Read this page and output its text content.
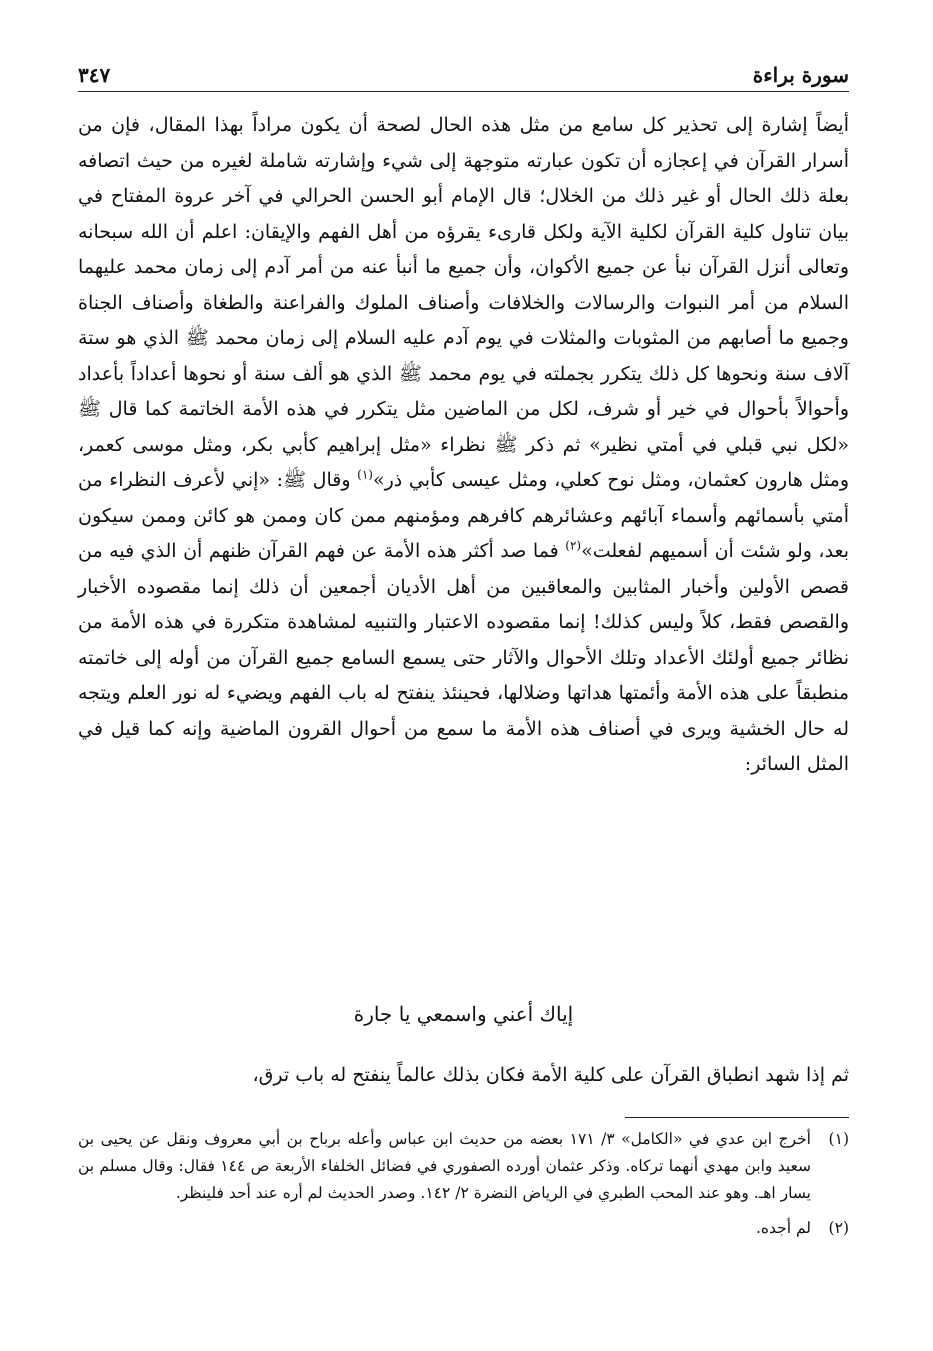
سورة براءة
٣٤٧

أيضاً إشارة إلى تحذير كل سامع من مثل هذه الحال لصحة أن يكون مراداً بهذا المقال، فإن من أسرار القرآن في إعجازه أن تكون عبارته متوجهة إلى شيء وإشارته شاملة لغيره من حيث اتصافه بعلة ذلك الحال أو غير ذلك من الخلال؛ قال الإمام أبو الحسن الحرالي في آخر عروة المفتاح في بيان تناول كلية القرآن لكلية الآية ولكل قارىء يقرؤه من أهل الفهم والإيقان: اعلم أن الله سبحانه وتعالى أنزل القرآن نبأ عن جميع الأكوان، وأن جميع ما أنبأ عنه من أمر آدم إلى زمان محمد عليهما السلام من أمر النبوات والرسالات والخلافات وأصناف الملوك والفراعنة والطغاة وأصناف الجناة وجميع ما أصابهم من المثوبات والمثلات في يوم آدم عليه السلام إلى زمان محمد ﷺ الذي هو ستة آلاف سنة ونحوها كل ذلك يتكرر بجملته في يوم محمد ﷺ الذي هو ألف سنة أو نحوها أعداداً بأعداد وأحوالاً بأحوال في خير أو شرف، لكل من الماضين مثل يتكرر في هذه الأمة الخاتمة كما قال ﷺ «لكل نبي قبلي في أمتي نظير» ثم ذكر ﷺ نظراء «مثل إبراهيم كأبي بكر، ومثل موسى كعمر، ومثل هارون كعثمان، ومثل نوح كعلي، ومثل عيسى كأبي ذر»$^{(١)}$ وقال ﷺ: «إني لأعرف النظراء من أمتي بأسمائهم وأسماء آبائهم وعشائرهم كافرهم ومؤمنهم ممن كان وممن هو كائن وممن سيكون بعد، ولو شئت أن أسميهم لفعلت»$^{(٢)}$ فما صد أكثر هذه الأمة عن فهم القرآن ظنهم أن الذي فيه من قصص الأولين وأخبار المثابين والمعاقبين من أهل الأديان أجمعين أن ذلك إنما مقصوده الأخبار والقصص فقط، كلاً وليس كذلك! إنما مقصوده الاعتبار والتنبيه لمشاهدة متكررة في هذه الأمة من نظائر جميع أولئك الأعداد وتلك الأحوال والآثار حتى يسمع السامع جميع القرآن من أوله إلى خاتمته منطبقاً على هذه الأمة وأئمتها هداتها وضلالها، فحينئذ ينفتح له باب الفهم ويضيء له نور العلم ويتجه له حال الخشية ويرى في أصناف هذه الأمة ما سمع من أحوال القرون الماضية وإنه كما قيل في المثل السائر:

إياك أعني واسمعي يا جارة
ثم إذا شهد انطباق القرآن على كلية الأمة فكان بذلك عالماً ينفتح له باب ترق،
(١)
أخرج ابن عدي في «الكامل» ٣/ ١٧١ بعضه من حديث ابن عباس وأعله برباح بن أبي معروف ونقل عن يحيى بن سعيد وابن مهدي أنهما تركاه. وذكر عثمان أورده الصفوري في فضائل الخلفاء الأربعة ص ١٤٤ فقال: وقال مسلم بن يسار اهـ. وهو عند المحب الطبري في الرياض النضرة ٢/ ١٤٢. وصدر الحديث لم أره عند أحد فلينظر.
(٢)
لم أجده.
